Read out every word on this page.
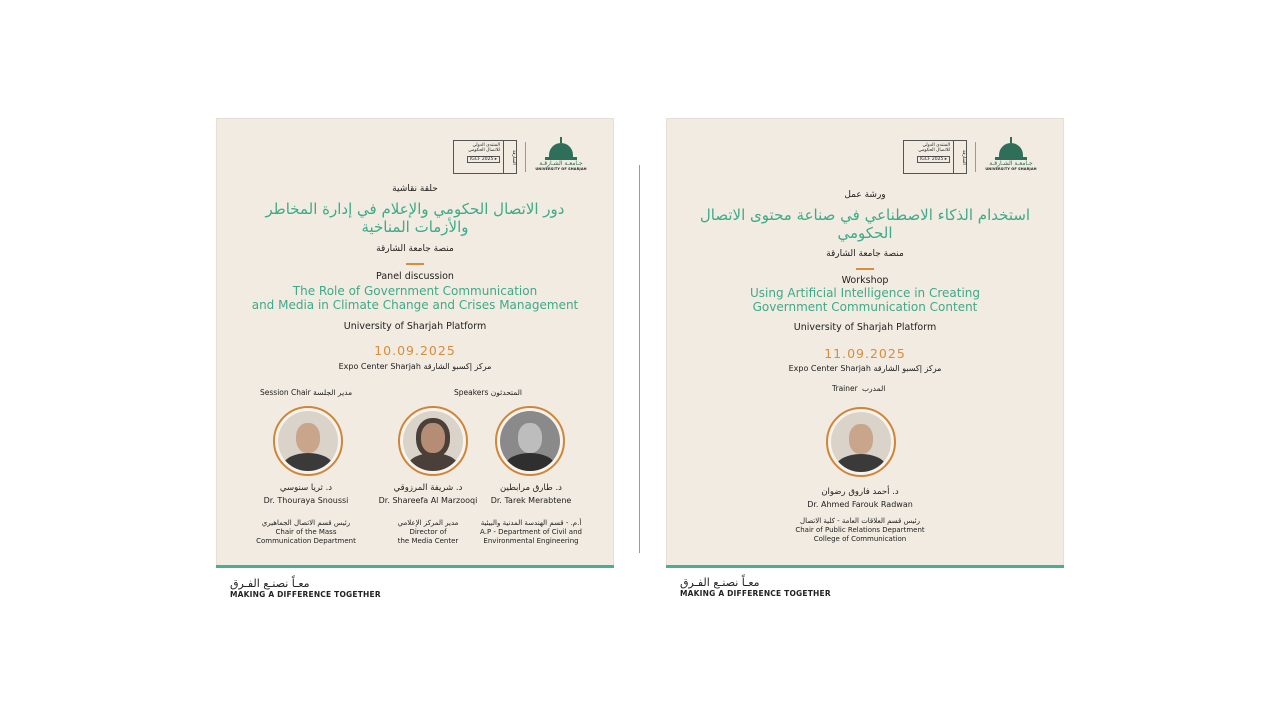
الشارقة
المنتدى الدولي
للاتصال الحكومي
IGCF 2025 ▸
جـامعـة الشـارقـة
UNIVERSITY OF SHARJAH
حلقة نقاشية
دور الاتصال الحكومي والإعلام في إدارة المخاطر
والأزمات المناخية
منصة جامعة الشارقة
Panel discussion
The Role of Government Communication
and Media in Climate Change and Crises Management
University of Sharjah Platform
10.09.2025
Expo Center Sharjah مركز إكسبو الشارقة
Session Chair مدير الجلسة	Speakers المتحدثون
د. ثريا سنوسي
Dr. Thouraya Snoussi
رئيس قسم الاتصال الجماهيري
Chair of the Mass
Communication Department
د. شريفة المرزوقي
Dr. Shareefa Al Marzooqi
مدير المركز الإعلامي
Director of
the Media Center
د. طارق مرابطين
Dr. Tarek Merabtene
أ.م. - قسم الهندسة المدنية والبيئية
A.P - Department of Civil and
Environmental Engineering
الشارقة
المنتدى الدولي
للاتصال الحكومي
IGCF 2025 ▸
جـامعـة الشـارقـة
UNIVERSITY OF SHARJAH
ورشة عمل
استخدام الذكاء الاصطناعي في صناعة محتوى الاتصال
الحكومي
منصة جامعة الشارقة
Workshop
Using Artificial Intelligence in Creating
Government Communication Content
University of Sharjah Platform
11.09.2025
Expo Center Sharjah مركز إكسبو الشارقة
Trainer المدرب
د. أحمد فاروق رضوان
Dr. Ahmed Farouk Radwan
رئيس قسم العلاقات العامة - كلية الاتصال
Chair of Public Relations Department
College of Communication
معـاً نصنـع الفـرق
MAKING A DIFFERENCE TOGETHER
معـاً نصنـع الفـرق
MAKING A DIFFERENCE TOGETHER
